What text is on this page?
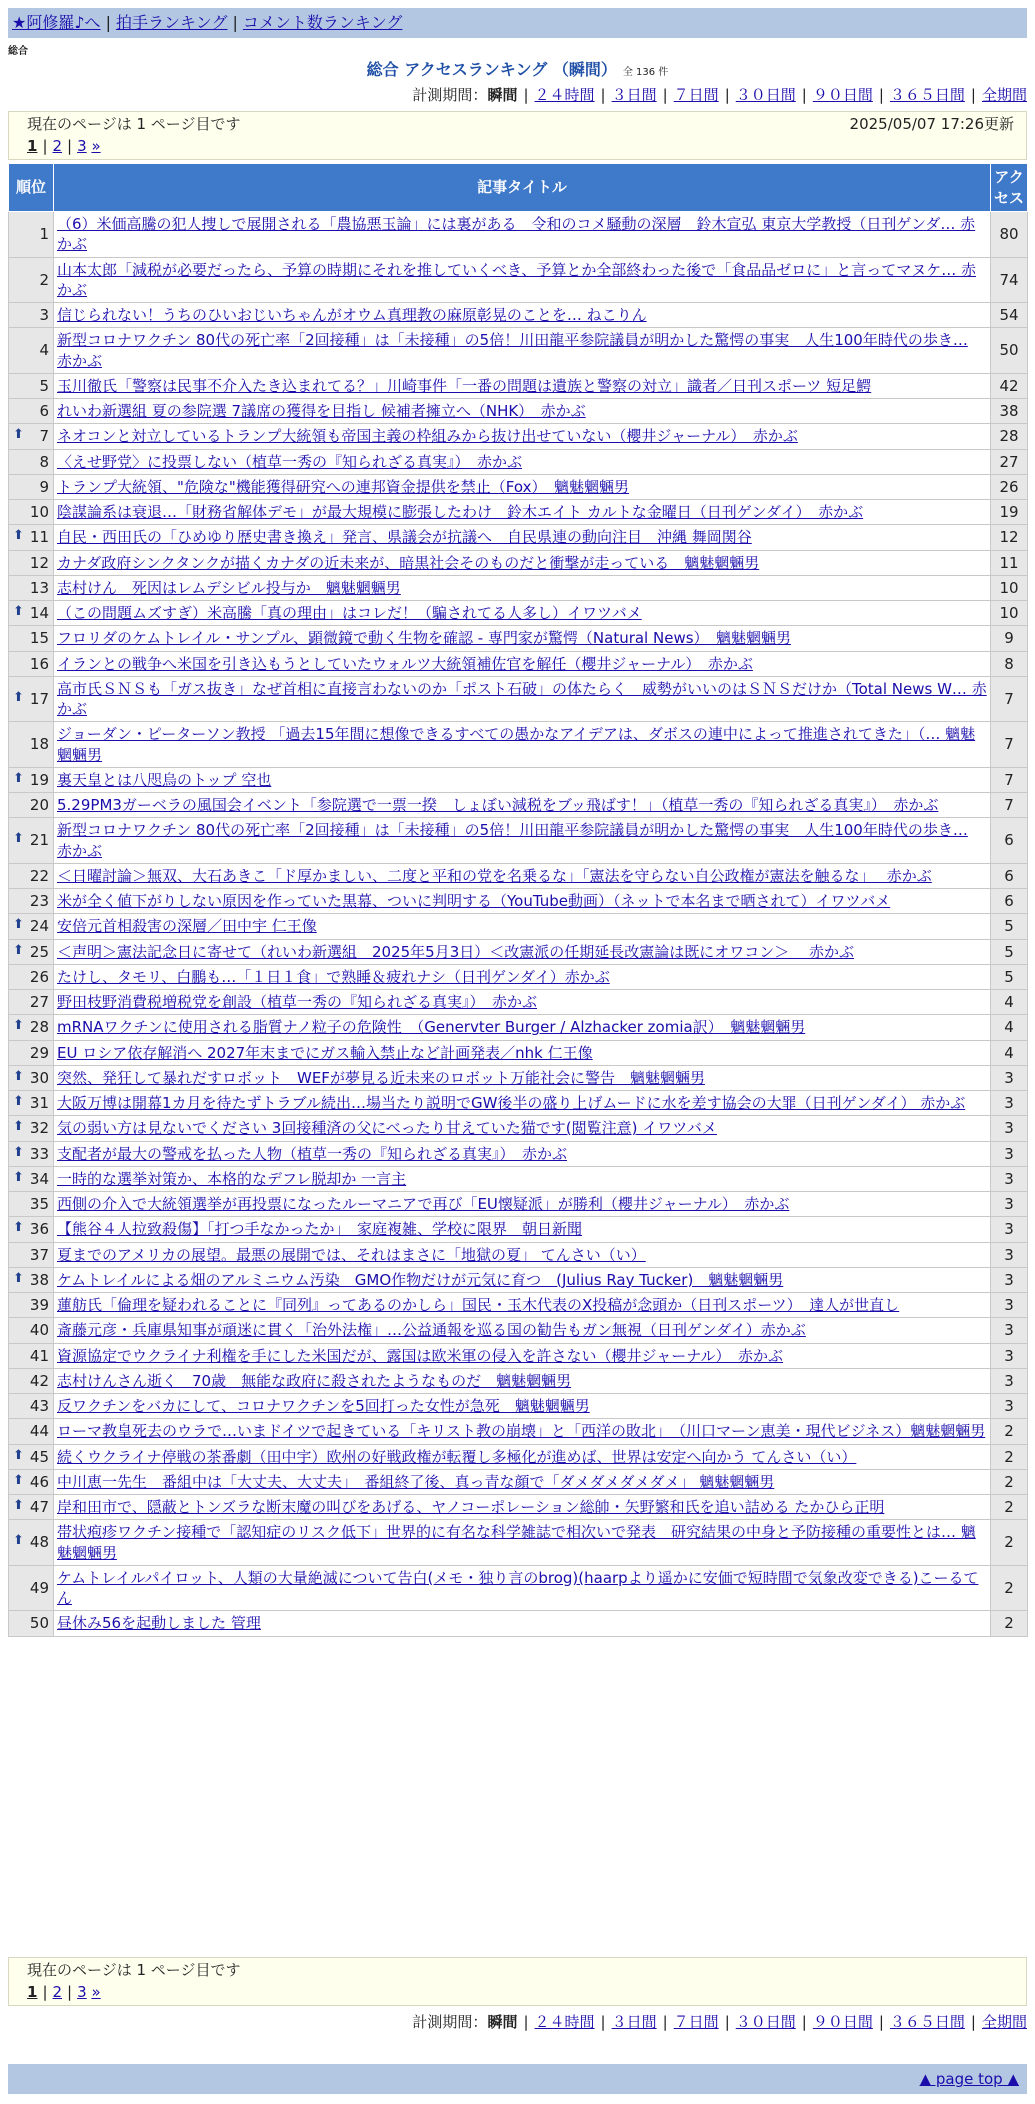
★阿修羅♪へ | 拍手ランキング | コメント数ランキング
総合
総合 アクセスランキング （瞬間） 全 136 件
計測期間：瞬間 | ２４時間 | ３日間 | ７日間 | ３０日間 | ９０日間 | ３６５日間 | 全期間
現在のページは 1 ページ目です	2025/05/07 17:26更新
1 | 2 | 3 »
順位	記事タイトル	アクセス
1	（6）米価高騰の犯人捜しで展開される「農協悪玉論」には裏がある　令和のコメ騒動の深層　鈴木宣弘 東京大学教授（日刊ゲンダ… 赤かぶ	80
2	山本太郎「減税が必要だったら、予算の時期にそれを推していくべき、予算とか全部終わった後で「食品品ゼロに」と言ってマヌケ… 赤かぶ	74
3	信じられない！うちのひいおじいちゃんがオウム真理教の麻原彰晃のことを… ねこりん	54
4	新型コロナワクチン 80代の死亡率「2回接種」は「未接種」の5倍！川田龍平参院議員が明かした驚愕の事実　人生100年時代の歩き… 赤かぶ	50
5	玉川徹氏「警察は民事不介入たき込まれてる？」川崎事件「一番の問題は遺族と警察の対立」識者／日刊スポーツ 短足鰐	42
6	れいわ新選組 夏の参院選 7議席の獲得を目指し 候補者擁立へ（NHK）　赤かぶ	38

⬆ 7	ネオコンと対立しているトランプ大統領も帝国主義の枠組みから抜け出せていない（櫻井ジャーナル）　赤かぶ	28
8	〈えせ野党〉に投票しない（植草一秀の『知られざる真実』）　赤かぶ	27
9	トランプ大統領、"危険な"機能獲得研究への連邦資金提供を禁止（Fox）　魑魅魍魎男	26
10	陰謀論系は衰退…「財務省解体デモ」が最大規模に膨張したわけ　鈴木エイト カルトな金曜日（日刊ゲンダイ）　赤かぶ	19

⬆ 11	自民・西田氏の「ひめゆり歴史書き換え」発言、県議会が抗議へ　自民県連の動向注目　沖縄 舞岡関谷	12
12	カナダ政府シンクタンクが描くカナダの近未来が、暗黒社会そのものだと衝撃が走っている　魑魅魍魎男	11
13	志村けん　死因はレムデシビル投与か　魑魅魍魎男	10

⬆ 14	（この問題ムズすぎ）米高騰「真の理由」はコレだ！（騙されてる人多し）イワツバメ	10
15	フロリダのケムトレイル・サンプル、顕微鏡で動く生物を確認 - 専門家が驚愕（Natural News）　魑魅魍魎男	9
16	イランとの戦争へ米国を引き込もうとしていたウォルツ大統領補佐官を解任（櫻井ジャーナル）　赤かぶ	8

⬆ 17	高市氏ＳＮＳも「ガス抜き」なぜ首相に直接言わないのか「ポスト石破」の体たらく　威勢がいいのはＳＮＳだけか（Total News W… 赤かぶ	7
18	ジョーダン・ピーターソン教授 「過去15年間に想像できるすべての愚かなアイデアは、ダボスの連中によって推進されてきた」（… 魑魅魍魎男	7

⬆ 19	裏天皇とは八咫烏のトップ 空也	7
20	5.29PM3ガーベラの風国会イベント「参院選で一票一揆　しょぼい減税をブッ飛ばす！」（植草一秀の『知られざる真実』）　赤かぶ	7

⬆ 21	新型コロナワクチン 80代の死亡率「2回接種」は「未接種」の5倍！川田龍平参院議員が明かした驚愕の事実　人生100年時代の歩き… 赤かぶ	6
22	＜日曜討論＞無双、大石あきこ「ド厚かましい、二度と平和の党を名乗るな」「憲法を守らない自公政権が憲法を触るな」　 赤かぶ	6
23	米が全く値下がりしない原因を作っていた黒幕、ついに判明する（YouTube動画）（ネットで本名まで晒されて）イワツバメ	6

⬆ 24	安倍元首相殺害の深層／田中宇 仁王像	5

⬆ 25	＜声明＞憲法記念日に寄せて（れいわ新選組　2025年5月3日）＜改憲派の任期延長改憲論は既にオワコン＞　 赤かぶ	5
26	たけし、タモリ、白鵬も…「１日１食」で熟睡＆疲れナシ（日刊ゲンダイ）赤かぶ	5
27	野田枝野消費税増税党を創設（植草一秀の『知られざる真実』）　赤かぶ	4

⬆ 28	mRNAワクチンに使用される脂質ナノ粒子の危険性　（Genervter Burger / Alzhacker zomia訳）　魑魅魍魎男	4
29	EU ロシア依存解消へ 2027年末までにガス輸入禁止など計画発表／nhk 仁王像	4

⬆ 30	突然、発狂して暴れだすロボット　WEFが夢見る近未来のロボット万能社会に警告　魑魅魍魎男	3

⬆ 31	大阪万博は開幕1カ月を待たずトラブル続出…場当たり説明でGW後半の盛り上げムードに水を差す協会の大罪（日刊ゲンダイ） 赤かぶ	3

⬆ 32	気の弱い方は見ないでください 3回接種済の父にべったり甘えていた猫です(閲覧注意) イワツバメ	3

⬆ 33	支配者が最大の警戒を払った人物（植草一秀の『知られざる真実』）　赤かぶ	3

⬆ 34	一時的な選挙対策か、本格的なデフレ脱却か 一言主	3
35	西側の介入で大統領選挙が再投票になったルーマニアで再び「EU懐疑派」が勝利（櫻井ジャーナル）　赤かぶ	3

⬆ 36	【熊谷４人拉致殺傷】「打つ手なかったか」　家庭複雑、学校に限界　朝日新聞	3
37	夏までのアメリカの展望。最悪の展開では、それはまさに「地獄の夏」 てんさい（い）	3

⬆ 38	ケムトレイルによる畑のアルミニウム汚染　GMO作物だけが元気に育つ　(Julius Ray Tucker)　魑魅魍魎男	3
39	蓮舫氏「倫理を疑われることに『同列』ってあるのかしら」国民・玉木代表のX投稿が念頭か（日刊スポーツ）　達人が世直し	3
40	斎藤元彦・兵庫県知事が頑迷に貫く「治外法権」…公益通報を巡る国の勧告もガン無視（日刊ゲンダイ）赤かぶ	3
41	資源協定でウクライナ利権を手にした米国だが、露国は欧米軍の侵入を許さない（櫻井ジャーナル）　赤かぶ	3
42	志村けんさん逝く　70歳　無能な政府に殺されたようなものだ　魑魅魍魎男	3
43	反ワクチンをバカにして、コロナワクチンを5回打った女性が急死　魑魅魍魎男	3
44	ローマ教皇死去のウラで…いまドイツで起きている「キリスト教の崩壊」と「西洋の敗北」　（川口マーン恵美・現代ビジネス）魑魅魍魎男	2

⬆ 45	続くウクライナ停戦の茶番劇（田中宇）欧州の好戦政権が転覆し多極化が進めば、世界は安定へ向かう てんさい（い）	2

⬆ 46	中川恵一先生　番組中は「大丈夫、大丈夫」　番組終了後、真っ青な顔で「ダメダメダメダメ」 魑魅魍魎男	2

⬆ 47	岸和田市で、隠蔽とトンズラな断末魔の叫びをあげる、ヤノコーポレーション総帥・矢野繁和氏を追い詰める たかひら正明	2

⬆ 48	帯状疱疹ワクチン接種で「認知症のリスク低下」世界的に有名な科学雑誌で相次いで発表　研究結果の中身と予防接種の重要性とは… 魑魅魍魎男	2
49	ケムトレイルパイロット、人類の大量絶滅について告白(メモ・独り言のbrog)(haarpより遥かに安価で短時間で気象改変できる)こーるてん	2
50	昼休み56を起動しました 管理	2
現在のページは 1 ページ目です
1 | 2 | 3 »
計測期間：瞬間 | ２４時間 | ３日間 | ７日間 | ３０日間 | ９０日間 | ３６５日間 | 全期間
▲ page top ▲
